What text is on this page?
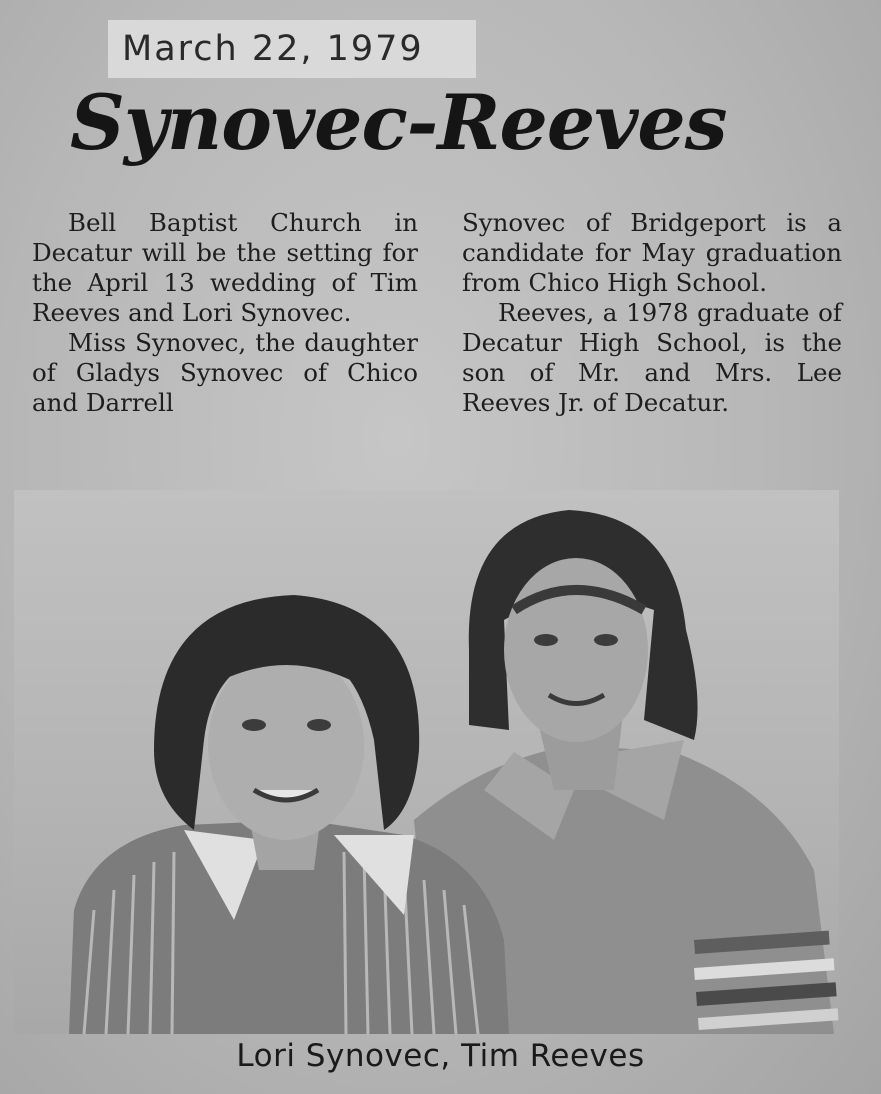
March 22, 1979
Synovec-Reeves

Bell Baptist Church in Decatur will be the setting for the April 13 wedding of Tim Reeves and Lori Synovec.

Miss Synovec, the daughter of Gladys Synovec of Chico and Darrell

Synovec of Bridgeport is a candidate for May graduation from Chico High School.

Reeves, a 1978 graduate of Decatur High School, is the son of Mr. and Mrs. Lee Reeves Jr. of Decatur.

Lori Synovec, Tim Reeves
